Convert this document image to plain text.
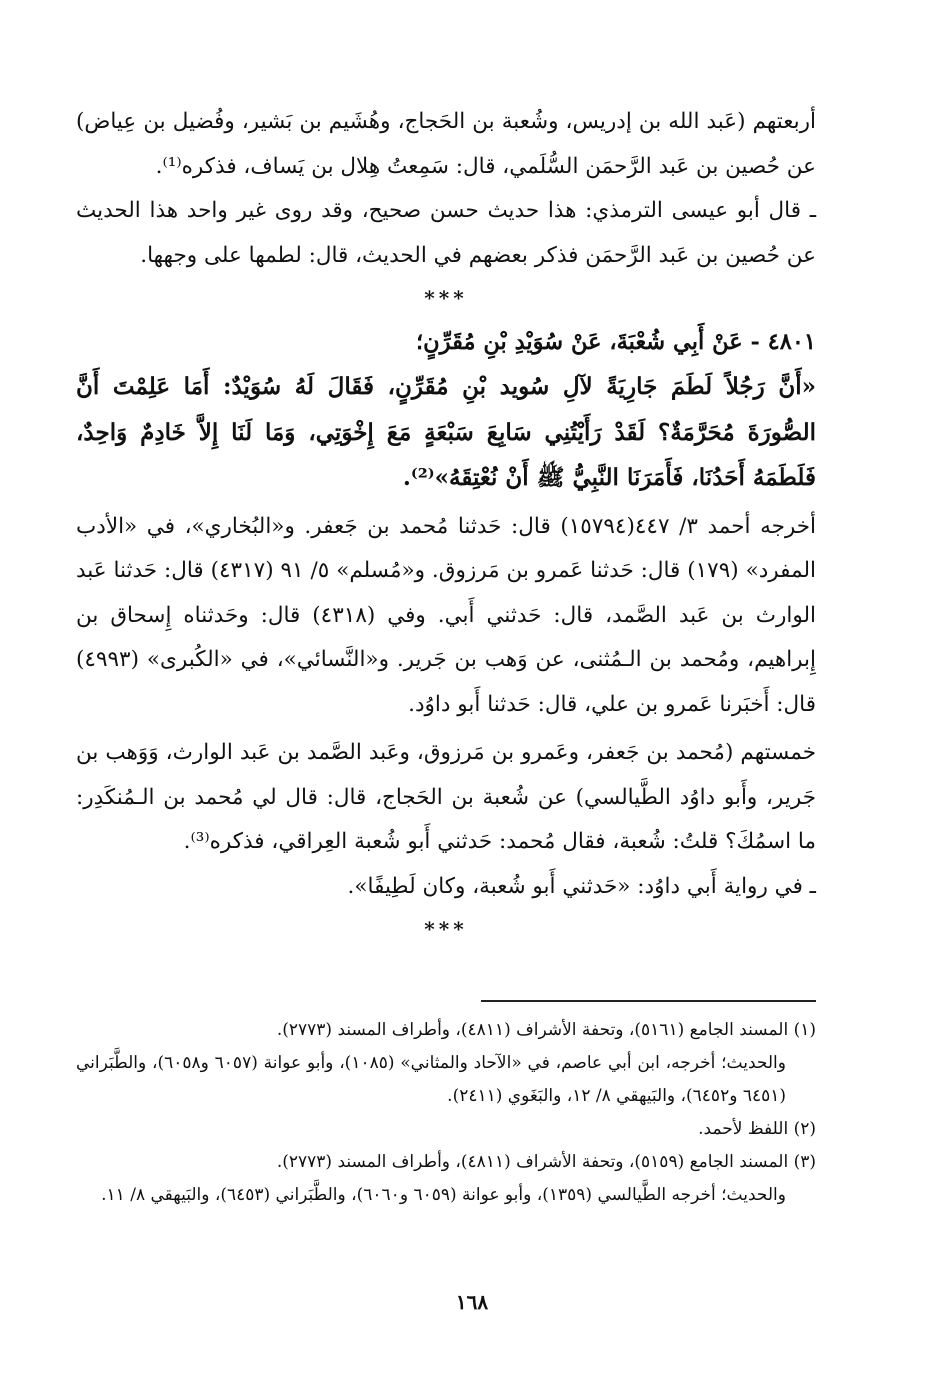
أربعتهم (عَبد الله بن إدريس، وشُعبة بن الحَجاج، وهُشَيم بن بَشير، وفُضيل بن عِياض) عن حُصين بن عَبد الرَّحمَن السُّلَمي، قال: سَمِعتُ هِلال بن يَساف، فذكره⁽¹⁾.

ـ قال أبو عيسى الترمذي: هذا حديث حسن صحيح، وقد روى غير واحد هذا الحديث عن حُصين بن عَبد الرَّحمَن فذكر بعضهم في الحديث، قال: لطمها على وجهها.

***

٤٨٠١ - عَنْ أَبِي شُعْبَةَ، عَنْ سُوَيْدِ بْنِ مُقَرِّنٍ؛

«أَنَّ رَجُلاً لَطَمَ جَارِيَةً لآلِ سُويد بْنِ مُقَرِّنٍ، فَقَالَ لَهُ سُوَيْدٌ: أَمَا عَلِمْتَ أَنَّ الصُّورَةَ مُحَرَّمَةٌ؟ لَقَدْ رَأَيْتُنِي سَابِعَ سَبْعَةٍ مَعَ إِخْوَتِي، وَمَا لَنَا إِلاَّ خَادِمٌ وَاحِدٌ، فَلَطَمَهُ أَحَدُنَا، فَأَمَرَنَا النَّبِيُّ ﷺ أَنْ نُعْتِقَهُ»⁽²⁾.

أخرجه أحمد ٣/ ٤٤٧(١٥٧٩٤) قال: حَدثنا مُحمد بن جَعفر. و«البُخاري»، في «الأدب المفرد» (١٧٩) قال: حَدثنا عَمرو بن مَرزوق. و«مُسلم» ٥/ ٩١ (٤٣١٧) قال: حَدثنا عَبد الوارث بن عَبد الصَّمد، قال: حَدثني أَبي. وفي (٤٣١٨) قال: وحَدثناه إِسحاق بن إِبراهيم، ومُحمد بن الـمُثنى، عن وَهب بن جَرير. و«النَّسائي»، في «الكُبرى» (٤٩٩٣) قال: أَخبَرنا عَمرو بن علي، قال: حَدثنا أَبو داوُد.

خمستهم (مُحمد بن جَعفر، وعَمرو بن مَرزوق، وعَبد الصَّمد بن عَبد الوارث، وَوَهب بن جَرير، وأَبو داوُد الطَّيالسي) عن شُعبة بن الحَجاج، قال: قال لي مُحمد بن الـمُنكَدِر: ما اسمُكَ؟ قلتُ: شُعبة، فقال مُحمد: حَدثني أَبو شُعبة العِراقي، فذكره⁽³⁾.

ـ في رواية أَبي داوُد: «حَدثني أَبو شُعبة، وكان لَطِيفًا».

***

(١) المسند الجامع (٥١٦١)، وتحفة الأشراف (٤٨١١)، وأطراف المسند (٢٧٧٣).

والحديث؛ أخرجه، ابن أبي عاصم، في «الآحاد والمثاني» (١٠٨٥)، وأبو عوانة (٦٠٥٧ و٦٠٥٨)، والطَّبَراني (٦٤٥١ و٦٤٥٢)، والبَيهقي ٨/ ١٢، والبَغَوي (٢٤١١).

(٢) اللفظ لأحمد.

(٣) المسند الجامع (٥١٥٩)، وتحفة الأشراف (٤٨١١)، وأطراف المسند (٢٧٧٣).

والحديث؛ أخرجه الطَّيالسي (١٣٥٩)، وأبو عوانة (٦٠٥٩ و٦٠٦٠)، والطَّبَراني (٦٤٥٣)، والبَيهقي ٨/ ١١.

١٦٨
